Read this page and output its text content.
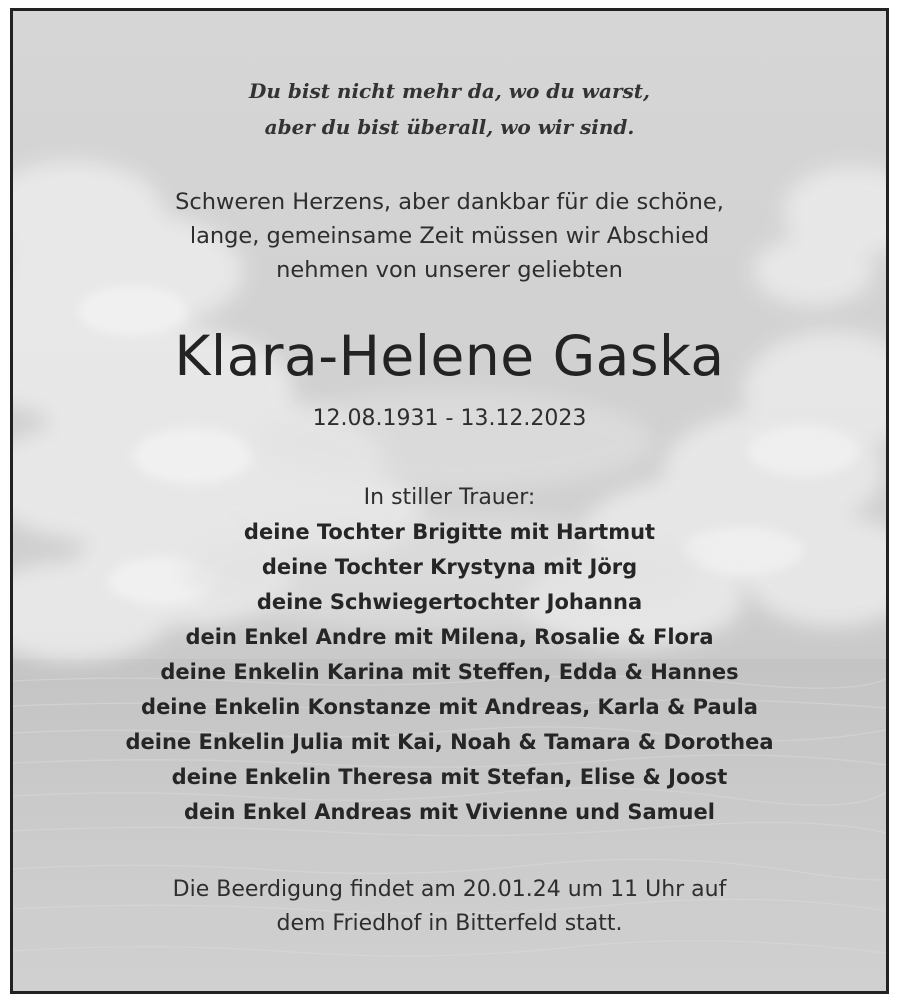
Du bist nicht mehr da, wo du warst,
aber du bist überall, wo wir sind.
Schweren Herzens, aber dankbar für die schöne,
lange, gemeinsame Zeit müssen wir Abschied
nehmen von unserer geliebten
Klara-Helene Gaska
12.08.1931 - 13.12.2023
In stiller Trauer:
deine Tochter Brigitte mit Hartmut
deine Tochter Krystyna mit Jörg
deine Schwiegertochter Johanna
dein Enkel Andre mit Milena, Rosalie & Flora
deine Enkelin Karina mit Steffen, Edda & Hannes
deine Enkelin Konstanze mit Andreas, Karla & Paula
deine Enkelin Julia mit Kai, Noah & Tamara & Dorothea
deine Enkelin Theresa mit Stefan, Elise & Joost
dein Enkel Andreas mit Vivienne und Samuel
Die Beerdigung findet am 20.01.24 um 11 Uhr auf
dem Friedhof in Bitterfeld statt.
